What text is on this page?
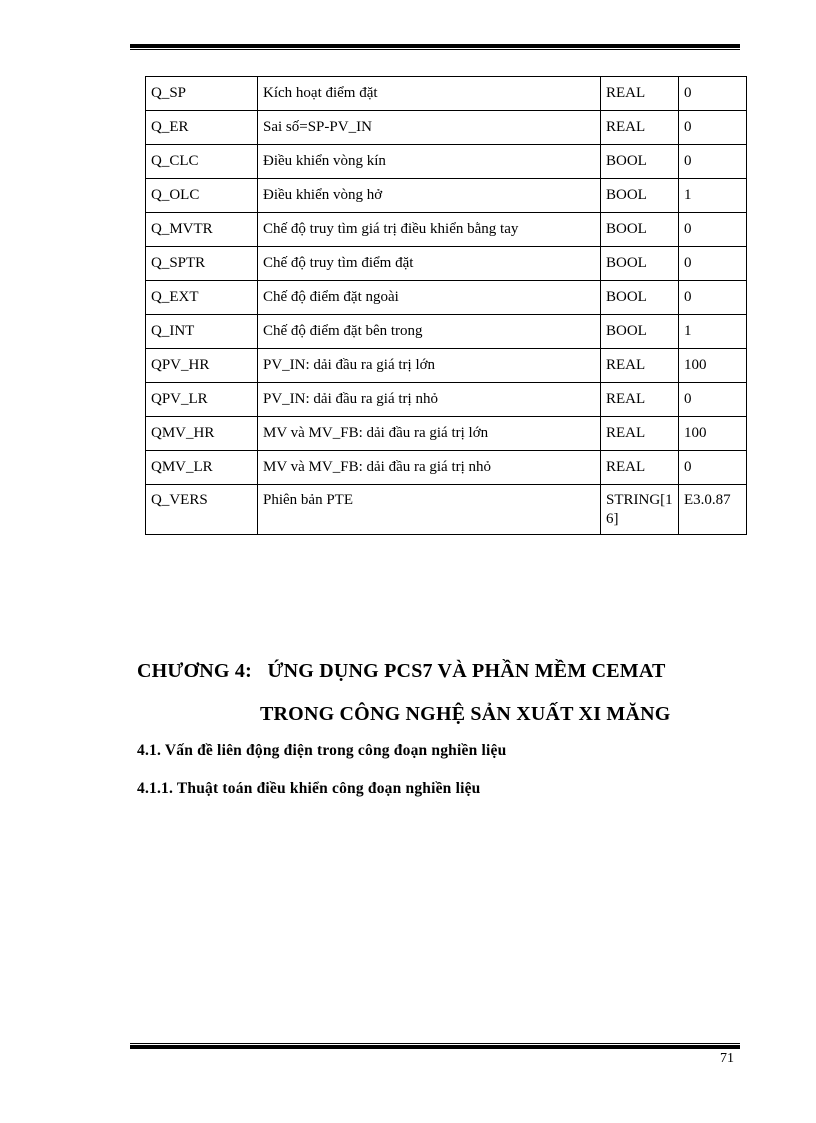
Q_SP	Kích hoạt điểm đặt	REAL	0
Q_ER	Sai số=SP-PV_IN	REAL	0
Q_CLC	Điều khiển vòng kín	BOOL	0
Q_OLC	Điều khiển vòng hở	BOOL	1
Q_MVTR	Chế độ truy tìm giá trị điều khiển bằng tay	BOOL	0
Q_SPTR	Chế độ truy tìm điểm đặt	BOOL	0
Q_EXT	Chế độ điểm đặt ngoài	BOOL	0
Q_INT	Chế độ điểm đặt bên trong	BOOL	1
QPV_HR	PV_IN: dải đầu ra giá trị lớn	REAL	100
QPV_LR	PV_IN: dải đầu ra giá trị nhỏ	REAL	0
QMV_HR	MV và MV_FB: dải đầu ra giá trị lớn	REAL	100
QMV_LR	MV và MV_FB: dải đầu ra giá trị nhỏ	REAL	0
Q_VERS	Phiên bản PTE	STRING[16]	E3.0.87
CHƯƠNG 4:   ỨNG DỤNG PCS7 VÀ PHẦN MỀM CEMAT
TRONG CÔNG NGHỆ SẢN XUẤT XI MĂNG
4.1. Vấn đề liên động điện trong công đoạn nghiền liệu
4.1.1. Thuật toán điều khiển công đoạn nghiền liệu
71
